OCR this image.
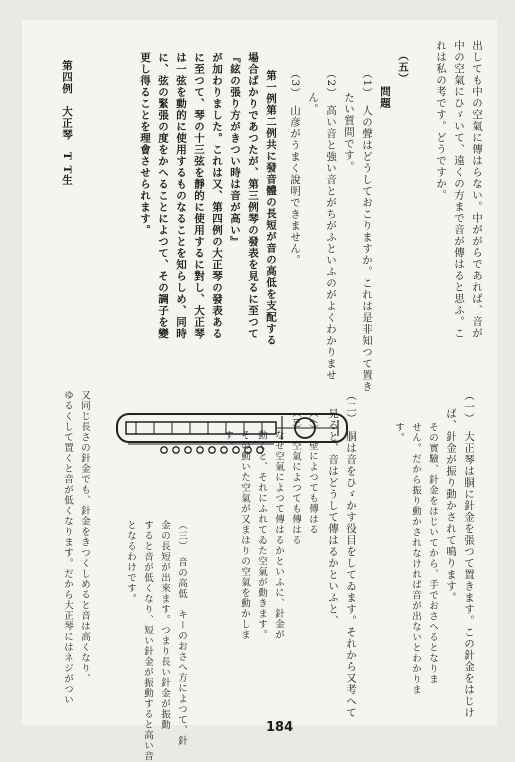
出しても中の空氣に傳はらない。中ががらであれば、音が
中の空氣にひゞいて、遠くの方まで音が傳はると思ふ。こ
れは私の考です。どうですか。
（五）
問題
（1）　人の聲はどうしておこりますか。これは是非知つて置き
たい質問です。
（2）　高い音と強い音とがちがふといふのがよくわかりませ
ん。
（3）　山彦がうまく說明できません。
第一例第二例共に發音體の長短が音の高低を支配する
場合ばかりであつたが、第三例琴の發表を見るに至つて
『絃の張り方がきつい時は音が高い』
が加わりました。これは又、第四例の大正琴の發表ある
に至つて、琴の十三弦を靜的に使用するに對し、大正琴
は一弦を動的に使用するものなることを知らしめ、同時
に、弦の緊張の度をかへることによつて、その調子を變
更し得ることを理會させられます。
第四例　大正琴　T T生
（一）　大正琴は胴に針金を張つて置きます。この針金をはじけ
ば、針金が振り動かされて鳴ります。
その實驗、針金をはじいてから、手でおさへるとなりま
せん。だから振り動かされなければ音が出ないとわかりま
す。
（二）　胴は音をひゞかす役目をしてゐます。それから又考へて
見ると、音はどうして傳はるかといふと、
（ｲ）　壁によつても傳はる
（ﾛ）　空氣によつても傳はる
なぜ空氣によつて傳はるかといふに、針金が
動くと、それにふれてゐた空氣が動きます。
その動いた空氣が又まはりの空氣を動かしま
す。
（三）　音の高低　キーのおさへ方によつて、針
金の長短が出來ます。つまり長い針金が振動
すると音が低くなり、短い針金が振動すると高い音
となるわけです。
又同じ長さの針金でも、針金をきつくしめると音は高くなり、
ゆるくして置くと音が低くなります。だから大正琴にはネジがつい
184
